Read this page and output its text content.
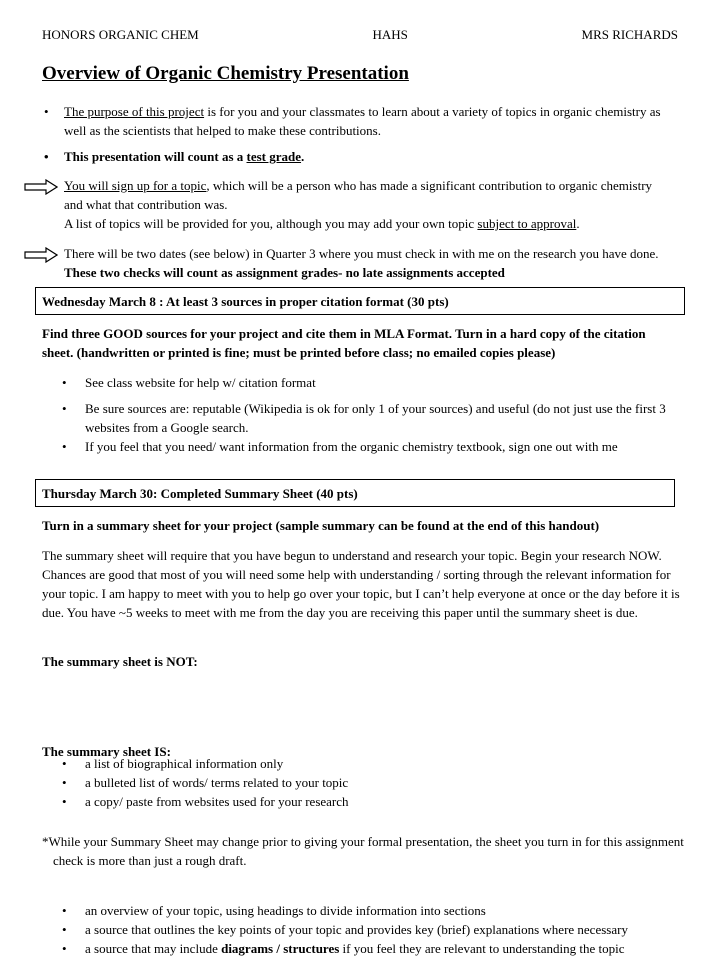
HONORS ORGANIC CHEM	HAHS	MRS RICHARDS
Overview of Organic Chemistry Presentation
• The purpose of this project is for you and your classmates to learn about a variety of topics in organic chemistry as well as the scientists that helped to make these contributions.
• This presentation will count as a test grade.
You will sign up for a topic, which will be a person who has made a significant contribution to organic chemistry and what that contribution was.
A list of topics will be provided for you, although you may add your own topic subject to approval.
There will be two dates (see below) in Quarter 3 where you must check in with me on the research you have done. These two checks will count as assignment grades- no late assignments accepted
Wednesday March 8 : At least 3 sources in proper citation format (30 pts)
Find three GOOD sources for your project and cite them in MLA Format. Turn in a hard copy of the citation sheet. (handwritten or printed is fine; must be printed before class; no emailed copies please)
• See class website for help w/ citation format
• Be sure sources are: reputable (Wikipedia is ok for only 1 of your sources) and useful (do not just use the first 3 websites from a Google search.
• If you feel that you need/ want information from the organic chemistry textbook, sign one out with me
Thursday March 30: Completed Summary Sheet (40 pts)
Turn in a summary sheet for your project (sample summary can be found at the end of this handout)
The summary sheet will require that you have begun to understand and research your topic. Begin your research NOW. Chances are good that most of you will need some help with understanding / sorting through the relevant information for your topic. I am happy to meet with you to help go over your topic, but I can’t help everyone at once or the day before it is due. You have ~5 weeks to meet with me from the day you are receiving this paper until the summary sheet is due.
The summary sheet is NOT:
• a list of biographical information only
• a bulleted list of words/ terms related to your topic
• a copy/ paste from websites used for your research
The summary sheet IS:
• an overview of your topic, using headings to divide information into sections
• a source that outlines the key points of your topic and provides key (brief) explanations where necessary
• a source that may include diagrams / structures if you feel they are relevant to understanding the topic
*While your Summary Sheet may change prior to giving your formal presentation, the sheet you turn in for this assignment check is more than just a rough draft.
